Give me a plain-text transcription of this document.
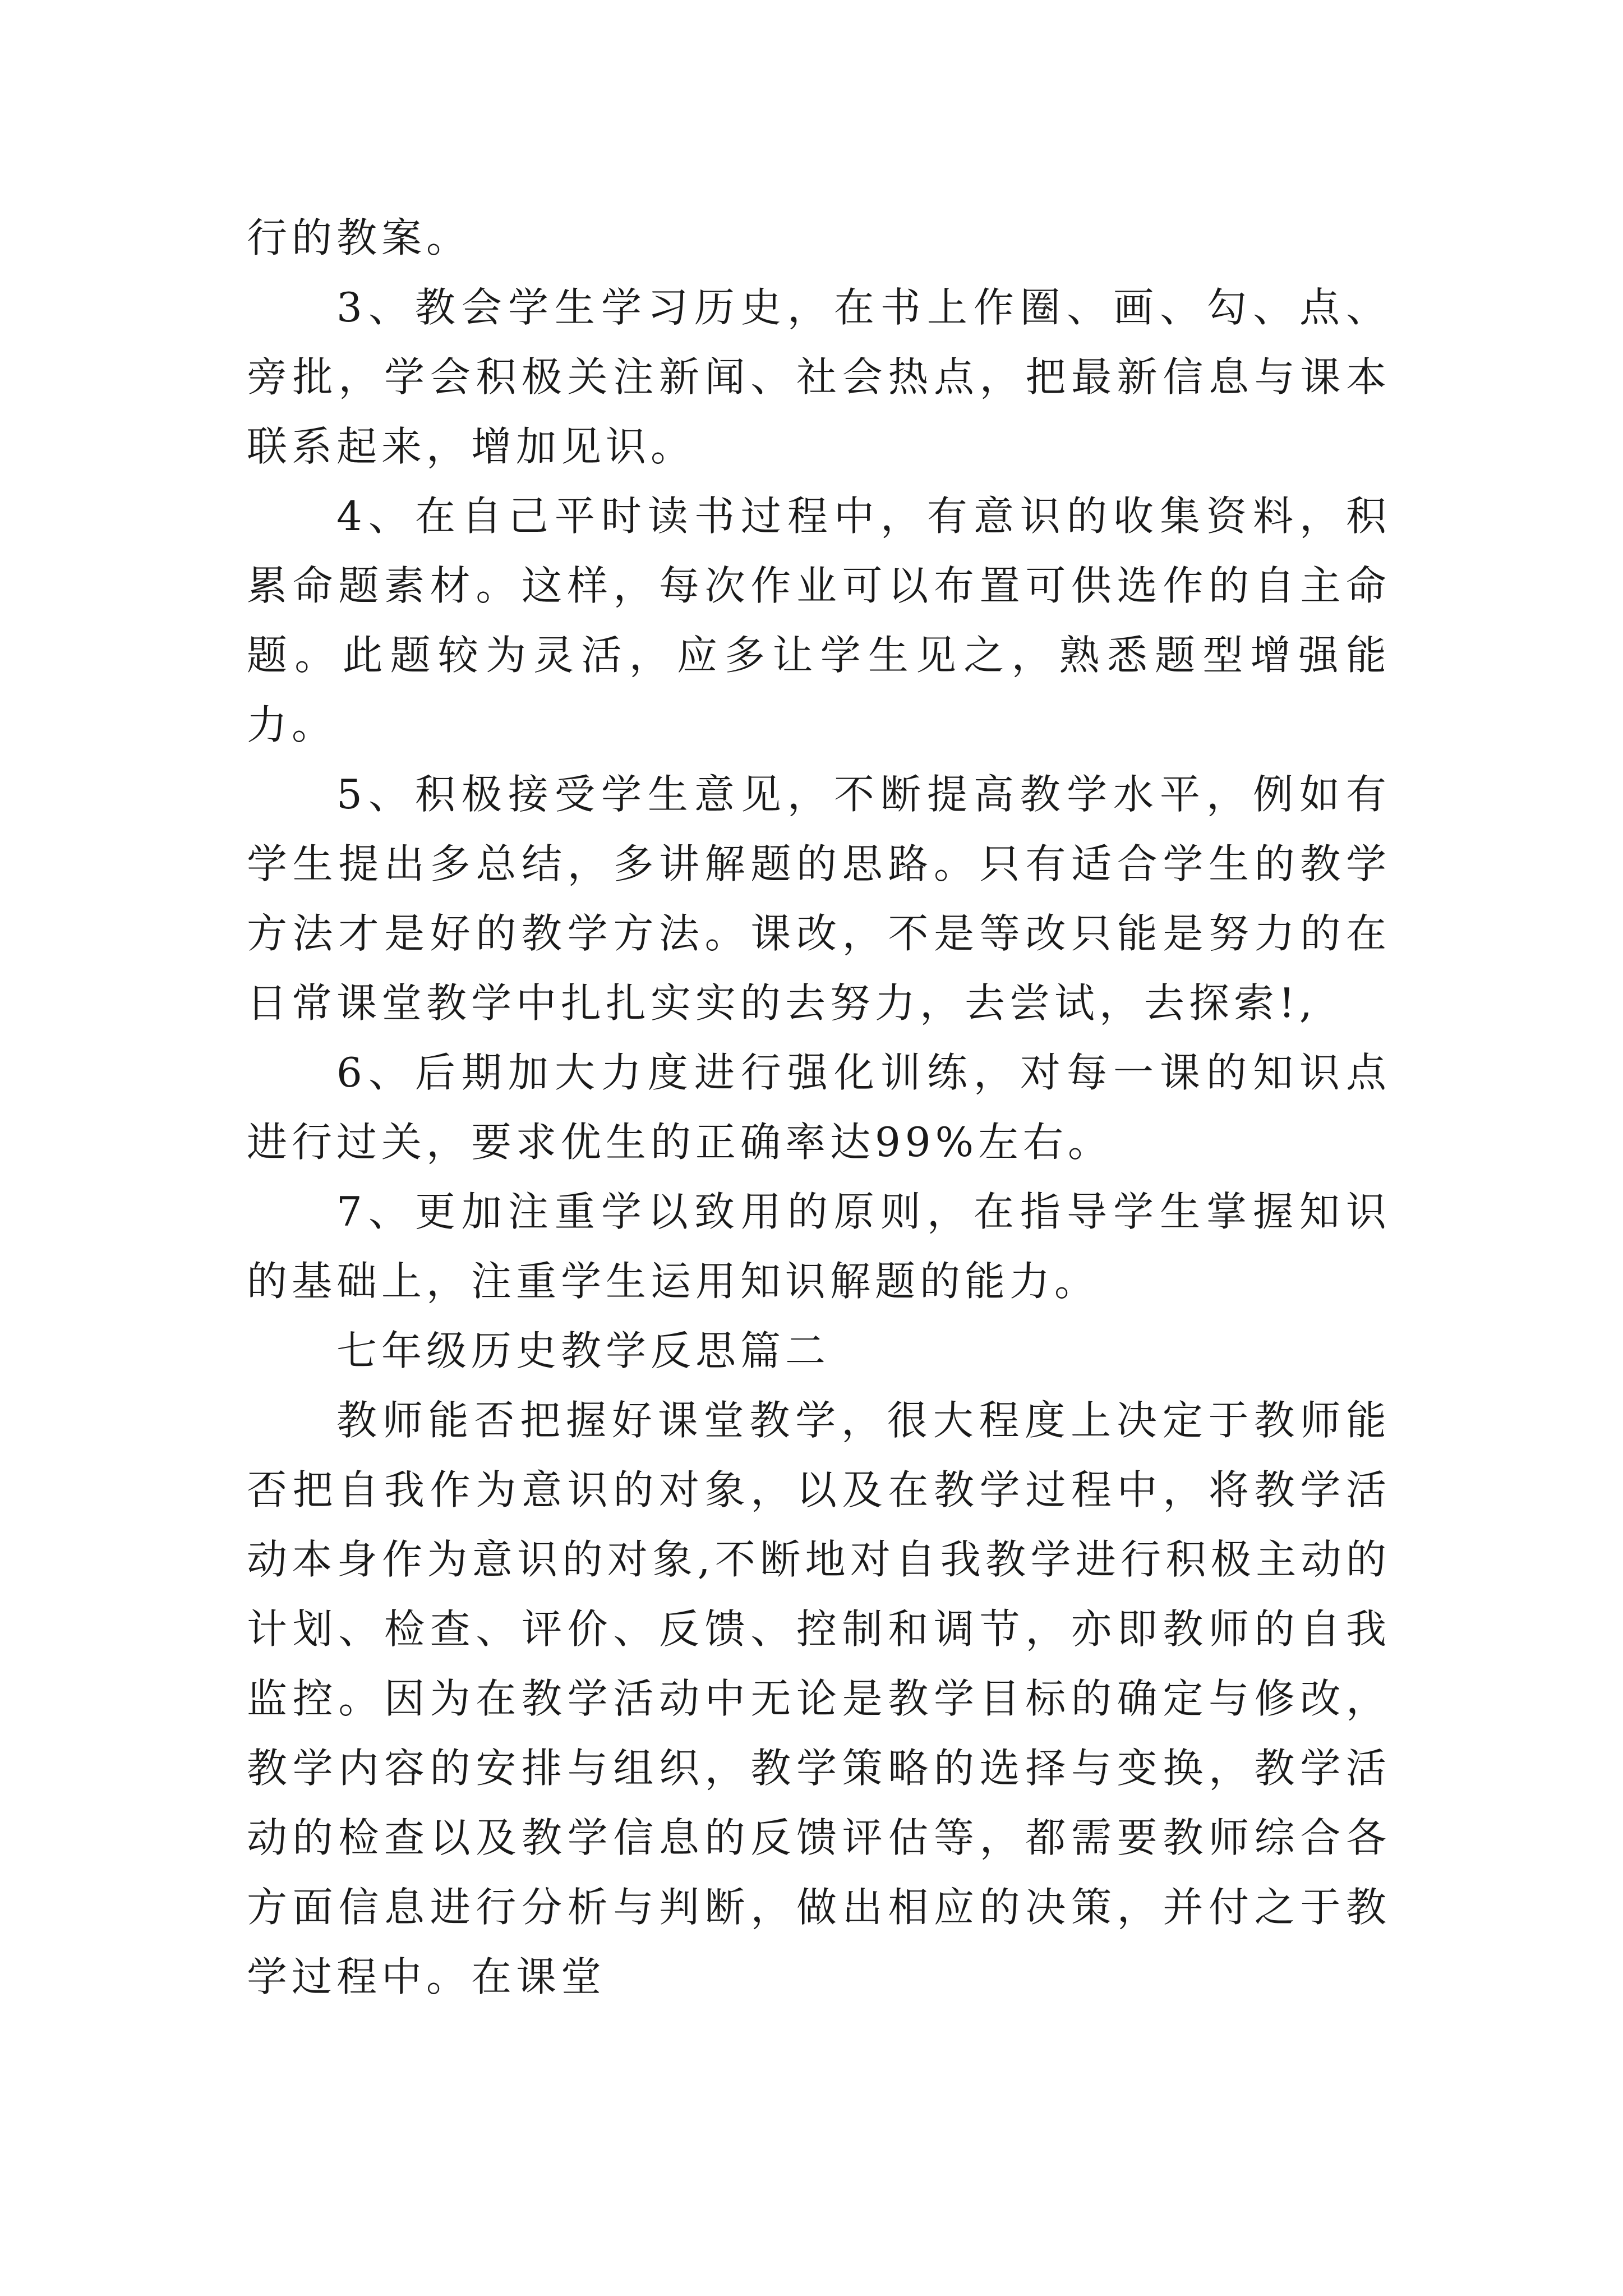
行的教案。

3、教会学生学习历史，在书上作圈、画、勾、点、旁批，学会积极关注新闻、社会热点，把最新信息与课本联系起来，增加见识。

4、在自己平时读书过程中，有意识的收集资料，积累命题素材。这样，每次作业可以布置可供选作的自主命题。此题较为灵活，应多让学生见之，熟悉题型增强能力。

5、积极接受学生意见，不断提高教学水平，例如有学生提出多总结，多讲解题的思路。只有适合学生的教学方法才是好的教学方法。课改，不是等改只能是努力的在日常课堂教学中扎扎实实的去努力，去尝试，去探索!,

6、后期加大力度进行强化训练，对每一课的知识点进行过关，要求优生的正确率达99%左右。

7、更加注重学以致用的原则，在指导学生掌握知识的基础上，注重学生运用知识解题的能力。

七年级历史教学反思篇二

教师能否把握好课堂教学，很大程度上决定于教师能否把自我作为意识的对象，以及在教学过程中，将教学活动本身作为意识的对象,不断地对自我教学进行积极主动的计划、检查、评价、反馈、控制和调节，亦即教师的自我监控。因为在教学活动中无论是教学目标的确定与修改，教学内容的安排与组织，教学策略的选择与变换，教学活动的检查以及教学信息的反馈评估等，都需要教师综合各方面信息进行分析与判断，做出相应的决策，并付之于教学过程中。在课堂
